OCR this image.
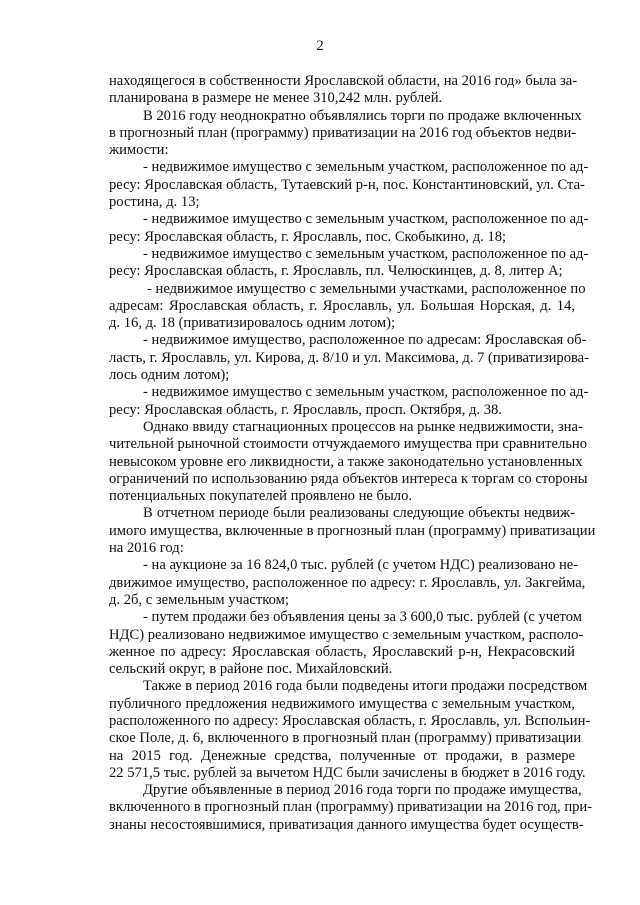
2
находящегося в собственности Ярославской области, на 2016 год» была за-
планирована в размере не менее 310,242 млн. рублей.
В 2016 году неоднократно объявлялись торги по продаже включенных
в прогнозный план (программу) приватизации на 2016 год объектов недви-
жимости:
- недвижимое имущество с земельным участком, расположенное по ад-
ресу: Ярославская область, Тутаевский р-н, пос. Константиновский, ул. Ста-
ростина, д. 13;
- недвижимое имущество с земельным участком, расположенное по ад-
ресу: Ярославская область, г. Ярославль, пос. Скобыкино, д. 18;
- недвижимое имущество с земельным участком, расположенное по ад-
ресу: Ярославская область, г. Ярославль, пл. Челюскинцев, д. 8, литер А;
- недвижимое имущество с земельными участками, расположенное по
адресам: Ярославская область, г. Ярославль, ул. Большая Норская, д. 14,
д. 16, д. 18 (приватизировалось одним лотом);
- недвижимое имущество, расположенное по адресам: Ярославская об-
ласть, г. Ярославль, ул. Кирова, д. 8/10 и ул. Максимова, д. 7 (приватизирова-
лось одним лотом);
- недвижимое имущество с земельным участком, расположенное по ад-
ресу: Ярославская область, г. Ярославль, просп. Октября, д. 38.
Однако ввиду стагнационных процессов на рынке недвижимости, зна-
чительной рыночной стоимости отчуждаемого имущества при сравнительно
невысоком уровне его ликвидности, а также законодательно установленных
ограничений по использованию ряда объектов интереса к торгам со стороны
потенциальных покупателей проявлено не было.
В отчетном периоде были реализованы следующие объекты недвиж-
имого имущества, включенные в прогнозный план (программу) приватизации
на 2016 год:
- на аукционе за 16 824,0 тыс. рублей (с учетом НДС) реализовано не-
движимое имущество, расположенное по адресу: г. Ярославль, ул. Закгейма,
д. 2б, с земельным участком;
- путем продажи без объявления цены за 3 600,0 тыс. рублей (с учетом
НДС) реализовано недвижимое имущество с земельным участком, располо-
женное по адресу: Ярославская область, Ярославский р-н, Некрасовский
сельский округ, в районе пос. Михайловский.
Также в период 2016 года были подведены итоги продажи посредством
публичного предложения недвижимого имущества с земельным участком,
расположенного по адресу: Ярославская область, г. Ярославль, ул. Вспольин-
ское Поле, д. 6, включенного в прогнозный план (программу) приватизации
на 2015 год. Денежные средства, полученные от продажи, в размере
22 571,5 тыс. рублей за вычетом НДС были зачислены в бюджет в 2016 году.
Другие объявленные в период 2016 года торги по продаже имущества,
включенного в прогнозный план (программу) приватизации на 2016 год, при-
знаны несостоявшимися, приватизация данного имущества будет осуществ-
